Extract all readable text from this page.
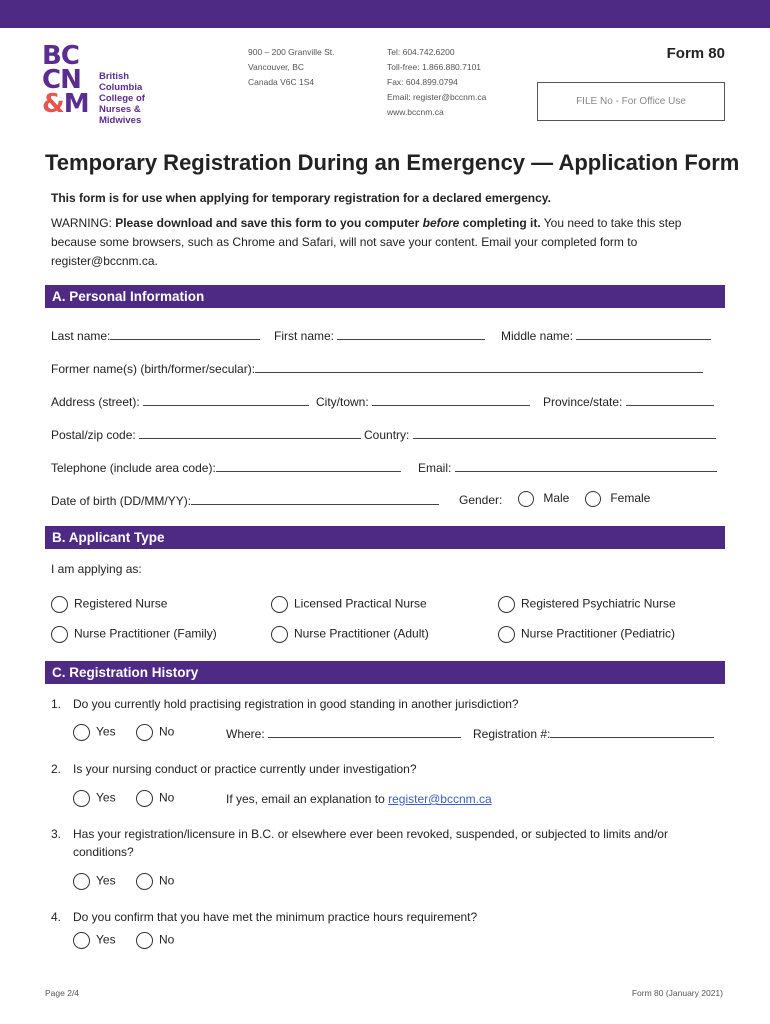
BC
CN
&M
British
Columbia
College of
Nurses &
Midwives
900 – 200 Granville St.
Vancouver, BC
Canada V6C 1S4
Tel: 604.742.6200
Toll-free: 1.866.880.7101
Fax: 604.899.0794
Email: register@bccnm.ca
www.bccnm.ca
Form 80
FILE No - For Office Use
Temporary Registration During an Emergency — Application Form
This form is for use when applying for temporary registration for a declared emergency.
WARNING: Please download and save this form to you computer before completing it. You need to take this step because some browsers, such as Chrome and Safari, will not save your content. Email your completed form to register@bccnm.ca.
A. Personal Information
Last name:	First name:	Middle name:
Former name(s) (birth/former/secular):
Address (street):	City/town:	Province/state:
Postal/zip code:	Country:
Telephone (include area code):	Email:
Date of birth (DD/MM/YY):	Gender:	Male	Female
B. Applicant Type
I am applying as:
Registered Nurse	Licensed Practical Nurse	Registered Psychiatric Nurse
Nurse Practitioner (Family)	Nurse Practitioner (Adult)	Nurse Practitioner (Pediatric)
C. Registration History
1. Do you currently hold practising registration in good standing in another jurisdiction?
Yes	No	Where:	Registration #:
2. Is your nursing conduct or practice currently under investigation?
Yes	No	If yes, email an explanation to register@bccnm.ca
3. Has your registration/licensure in B.C. or elsewhere ever been revoked, suspended, or subjected to limits and/or
conditions?
Yes	No
4. Do you confirm that you have met the minimum practice hours requirement?
Yes	No
Page 2/4	Form 80 (January 2021)
